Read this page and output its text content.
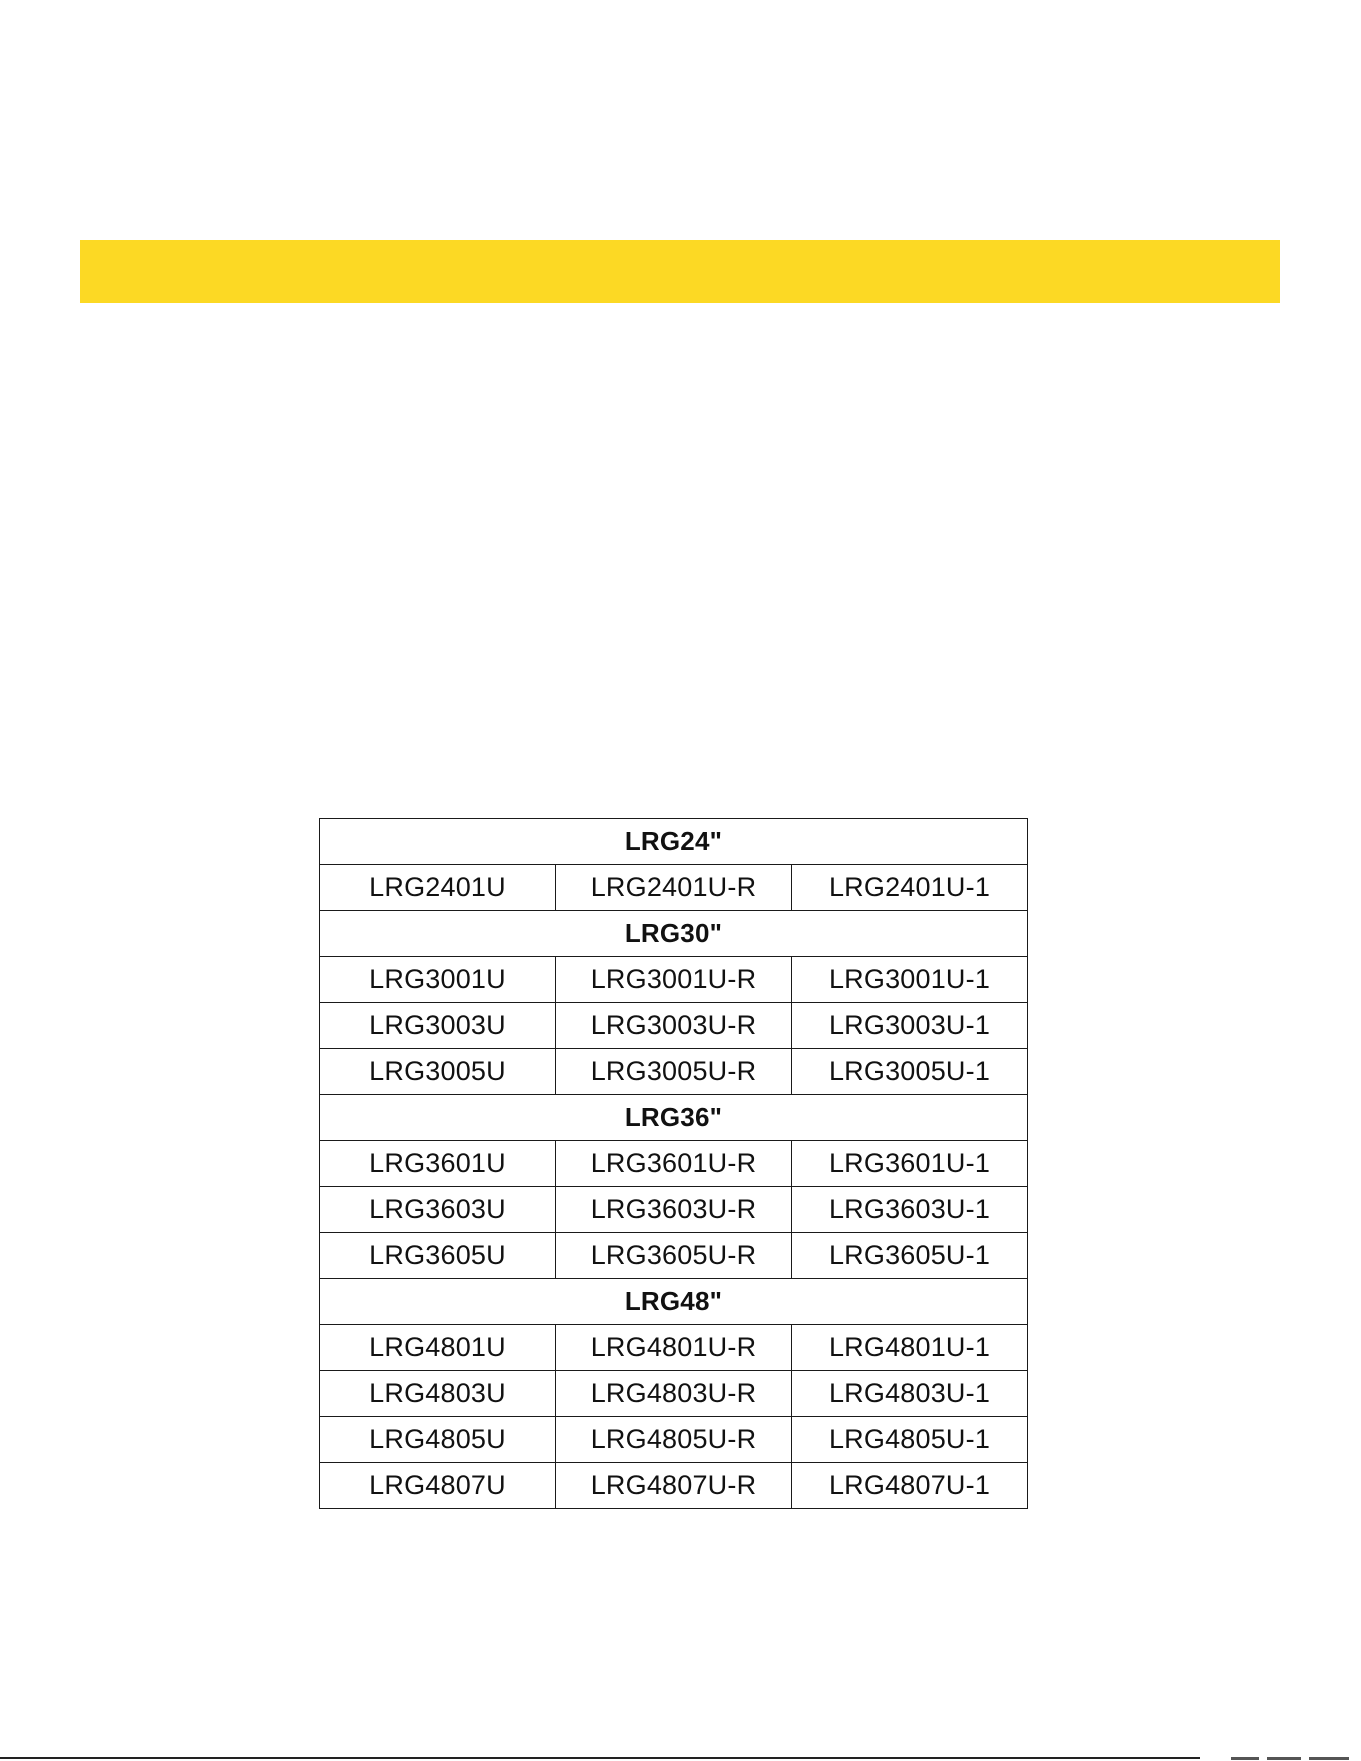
LRG24"		
LRG2401U	LRG2401U-R	LRG2401U-1
LRG30"		
LRG3001U	LRG3001U-R	LRG3001U-1
LRG3003U	LRG3003U-R	LRG3003U-1
LRG3005U	LRG3005U-R	LRG3005U-1
LRG36"		
LRG3601U	LRG3601U-R	LRG3601U-1
LRG3603U	LRG3603U-R	LRG3603U-1
LRG3605U	LRG3605U-R	LRG3605U-1
LRG48"		
LRG4801U	LRG4801U-R	LRG4801U-1
LRG4803U	LRG4803U-R	LRG4803U-1
LRG4805U	LRG4805U-R	LRG4805U-1
LRG4807U	LRG4807U-R	LRG4807U-1
